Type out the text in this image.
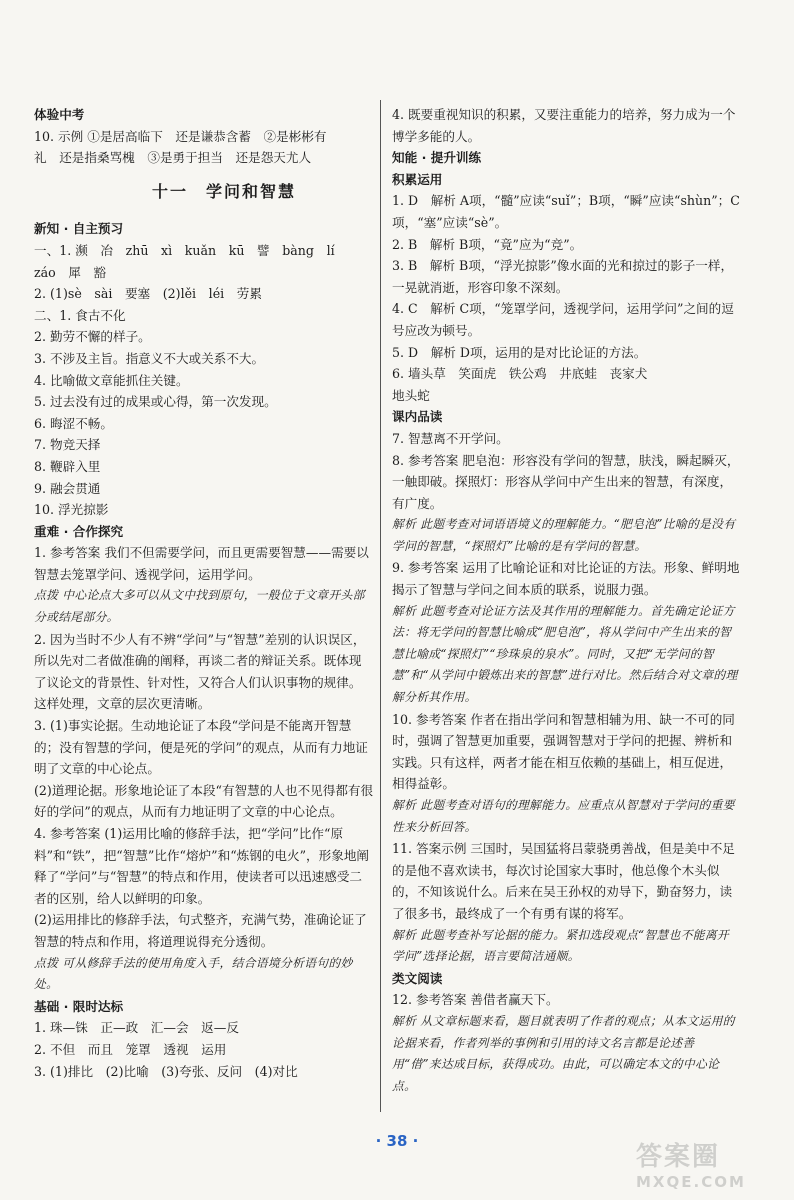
体验中考

10. 示例 ①是居高临下　还是谦恭含蓄　②是彬彬有

礼　还是指桑骂槐　③是勇于担当　还是怨天尤人

十一　学问和智慧

新知 · 自主预习

一、1. 濒　冶　zhū　xì　kuǎn　kū　譬　bàng　lí

záo　犀　豁

2. (1)sè　sài　要塞　(2)lěi　léi　劳累

二、1. 食古不化

2. 勤劳不懈的样子。

3. 不涉及主旨。指意义不大或关系不大。

4. 比喻做文章能抓住关键。

5. 过去没有过的成果或心得，第一次发现。

6. 晦涩不畅。

7. 物竞天择

8. 鞭辟入里

9. 融会贯通

10. 浮光掠影

重难 · 合作探究

1. 参考答案 我们不但需要学问，而且更需要智慧——需要以智慧去笼罩学问、透视学问，运用学问。

点拨 中心论点大多可以从文中找到原句，一般位于文章开头部分或结尾部分。

2. 因为当时不少人有不辨“学问”与“智慧”差别的认识误区，所以先对二者做准确的阐释，再谈二者的辩证关系。既体现了议论文的背景性、针对性，又符合人们认识事物的规律。这样处理，文章的层次更清晰。

3. (1)事实论据。生动地论证了本段“学问是不能离开智慧的；没有智慧的学问，便是死的学问”的观点，从而有力地证明了文章的中心论点。

(2)道理论据。形象地论证了本段“有智慧的人也不见得都有很好的学问”的观点，从而有力地证明了文章的中心论点。

4. 参考答案 (1)运用比喻的修辞手法，把“学问”比作“原料”和“铁”，把“智慧”比作“熔炉”和“炼钢的电火”，形象地阐释了“学问”与“智慧”的特点和作用，使读者可以迅速感受二者的区别，给人以鲜明的印象。

(2)运用排比的修辞手法，句式整齐，充满气势，准确论证了智慧的特点和作用，将道理说得充分透彻。

点拨 可从修辞手法的使用角度入手，结合语境分析语句的妙处。

基础 · 限时达标

1. 珠—铢　正—政　汇—会　返—反

2. 不但　而且　笼罩　透视　运用

3. (1)排比　(2)比喻　(3)夸张、反问　(4)对比

4. 既要重视知识的积累，又要注重能力的培养，努力成为一个博学多能的人。

知能 · 提升训练

积累运用

1. D　解析 A项，“髓”应读“suǐ”；B项，“瞬”应读“shùn”；C项，“塞”应读“sè”。

2. B　解析 B项，“竟”应为“竞”。

3. B　解析 B项，“浮光掠影”像水面的光和掠过的影子一样，一晃就消逝，形容印象不深刻。

4. C　解析 C项，“笼罩学问，透视学问，运用学问”之间的逗号应改为顿号。

5. D　解析 D项，运用的是对比论证的方法。

6. 墙头草　笑面虎　铁公鸡　井底蛙　丧家犬

地头蛇

课内品读

7. 智慧离不开学问。

8. 参考答案 肥皂泡：形容没有学问的智慧，肤浅，瞬起瞬灭，一触即破。探照灯：形容从学问中产生出来的智慧，有深度，有广度。

解析 此题考查对词语语境义的理解能力。“肥皂泡”比喻的是没有学问的智慧，“探照灯”比喻的是有学问的智慧。

9. 参考答案 运用了比喻论证和对比论证的方法。形象、鲜明地揭示了智慧与学问之间本质的联系，说服力强。

解析 此题考查对论证方法及其作用的理解能力。首先确定论证方法：将无学问的智慧比喻成“肥皂泡”，将从学问中产生出来的智慧比喻成“探照灯”“珍珠泉的泉水”。同时，又把“无学问的智慧”和“从学问中锻炼出来的智慧”进行对比。然后结合对文章的理解分析其作用。

10. 参考答案 作者在指出学问和智慧相辅为用、缺一不可的同时，强调了智慧更加重要，强调智慧对于学问的把握、辨析和实践。只有这样，两者才能在相互依赖的基础上，相互促进，相得益彰。

解析 此题考查对语句的理解能力。应重点从智慧对于学问的重要性来分析回答。

11. 答案示例 三国时，吴国猛将吕蒙骁勇善战，但是美中不足的是他不喜欢读书，每次讨论国家大事时，他总像个木头似的，不知该说什么。后来在吴王孙权的劝导下，勤奋努力，读了很多书，最终成了一个有勇有谋的将军。

解析 此题考查补写论据的能力。紧扣选段观点“智慧也不能离开学问”选择论据，语言要简洁通顺。

类文阅读

12. 参考答案 善借者赢天下。

解析 从文章标题来看，题目就表明了作者的观点；从本文运用的论据来看，作者列举的事例和引用的诗文名言都是论述善用“借”来达成目标，获得成功。由此，可以确定本文的中心论点。

· 38 ·
答案圈
MXQE.COM
